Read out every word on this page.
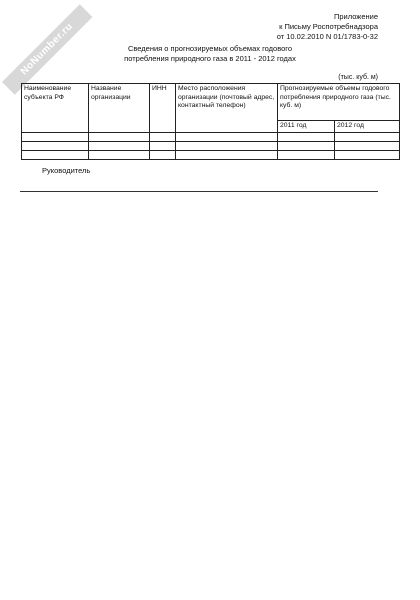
NoNumber.ru
Приложение
к Письму Роспотребнадзора
от 10.02.2010 N 01/1783-0-32
Сведения о прогнозируемых объемах годового
потребления природного газа в 2011 - 2012 годах
(тыс. куб. м)
Наименование субъекта РФ	Название организации	ИНН	Место расположения организации (почтовый адрес, контактный телефон)	Прогнозируемые объемы годового потребления природного газа (тыс. куб. м)	
				2011 год	2012 год

Руководитель
